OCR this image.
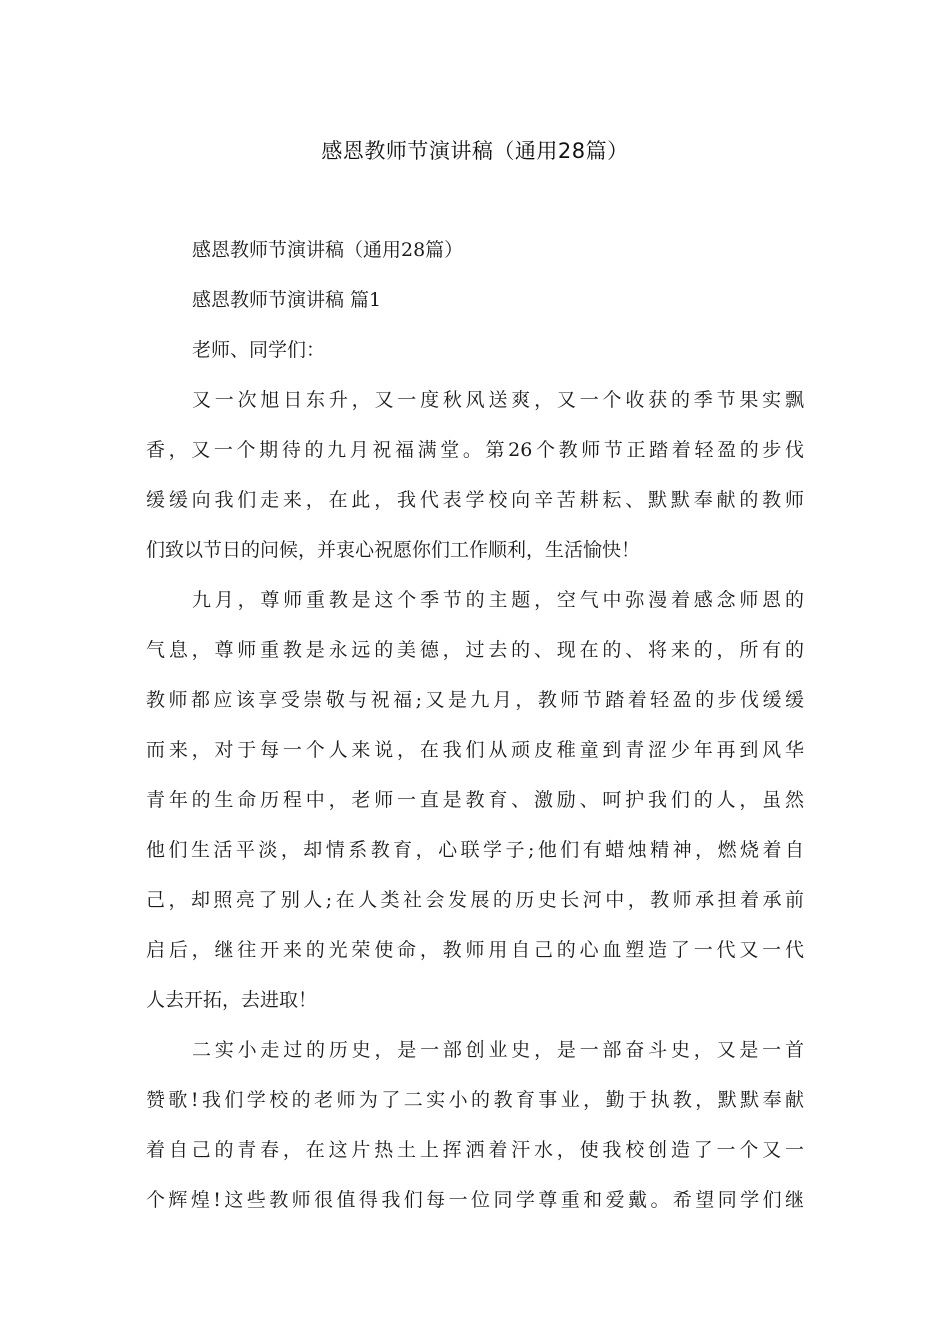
感恩教师节演讲稿（通用28篇）
感恩教师节演讲稿（通用28篇）
感恩教师节演讲稿 篇1
老师、同学们：
又一次旭日东升，又一度秋风送爽，又一个收获的季节果实飘
香，又一个期待的九月祝福满堂。第26个教师节正踏着轻盈的步伐
缓缓向我们走来，在此，我代表学校向辛苦耕耘、默默奉献的教师
们致以节日的问候，并衷心祝愿你们工作顺利，生活愉快！
九月，尊师重教是这个季节的主题，空气中弥漫着感念师恩的
气息，尊师重教是永远的美德，过去的、现在的、将来的，所有的
教师都应该享受崇敬与祝福;又是九月，教师节踏着轻盈的步伐缓缓
而来，对于每一个人来说，在我们从顽皮稚童到青涩少年再到风华
青年的生命历程中，老师一直是教育、激励、呵护我们的人，虽然
他们生活平淡，却情系教育，心联学子;他们有蜡烛精神，燃烧着自
己，却照亮了别人;在人类社会发展的历史长河中，教师承担着承前
启后，继往开来的光荣使命，教师用自己的心血塑造了一代又一代
人去开拓，去进取！
二实小走过的历史，是一部创业史，是一部奋斗史，又是一首
赞歌!我们学校的老师为了二实小的教育事业，勤于执教，默默奉献
着自己的青春，在这片热土上挥洒着汗水，使我校创造了一个又一
个辉煌!这些教师很值得我们每一位同学尊重和爱戴。希望同学们继
